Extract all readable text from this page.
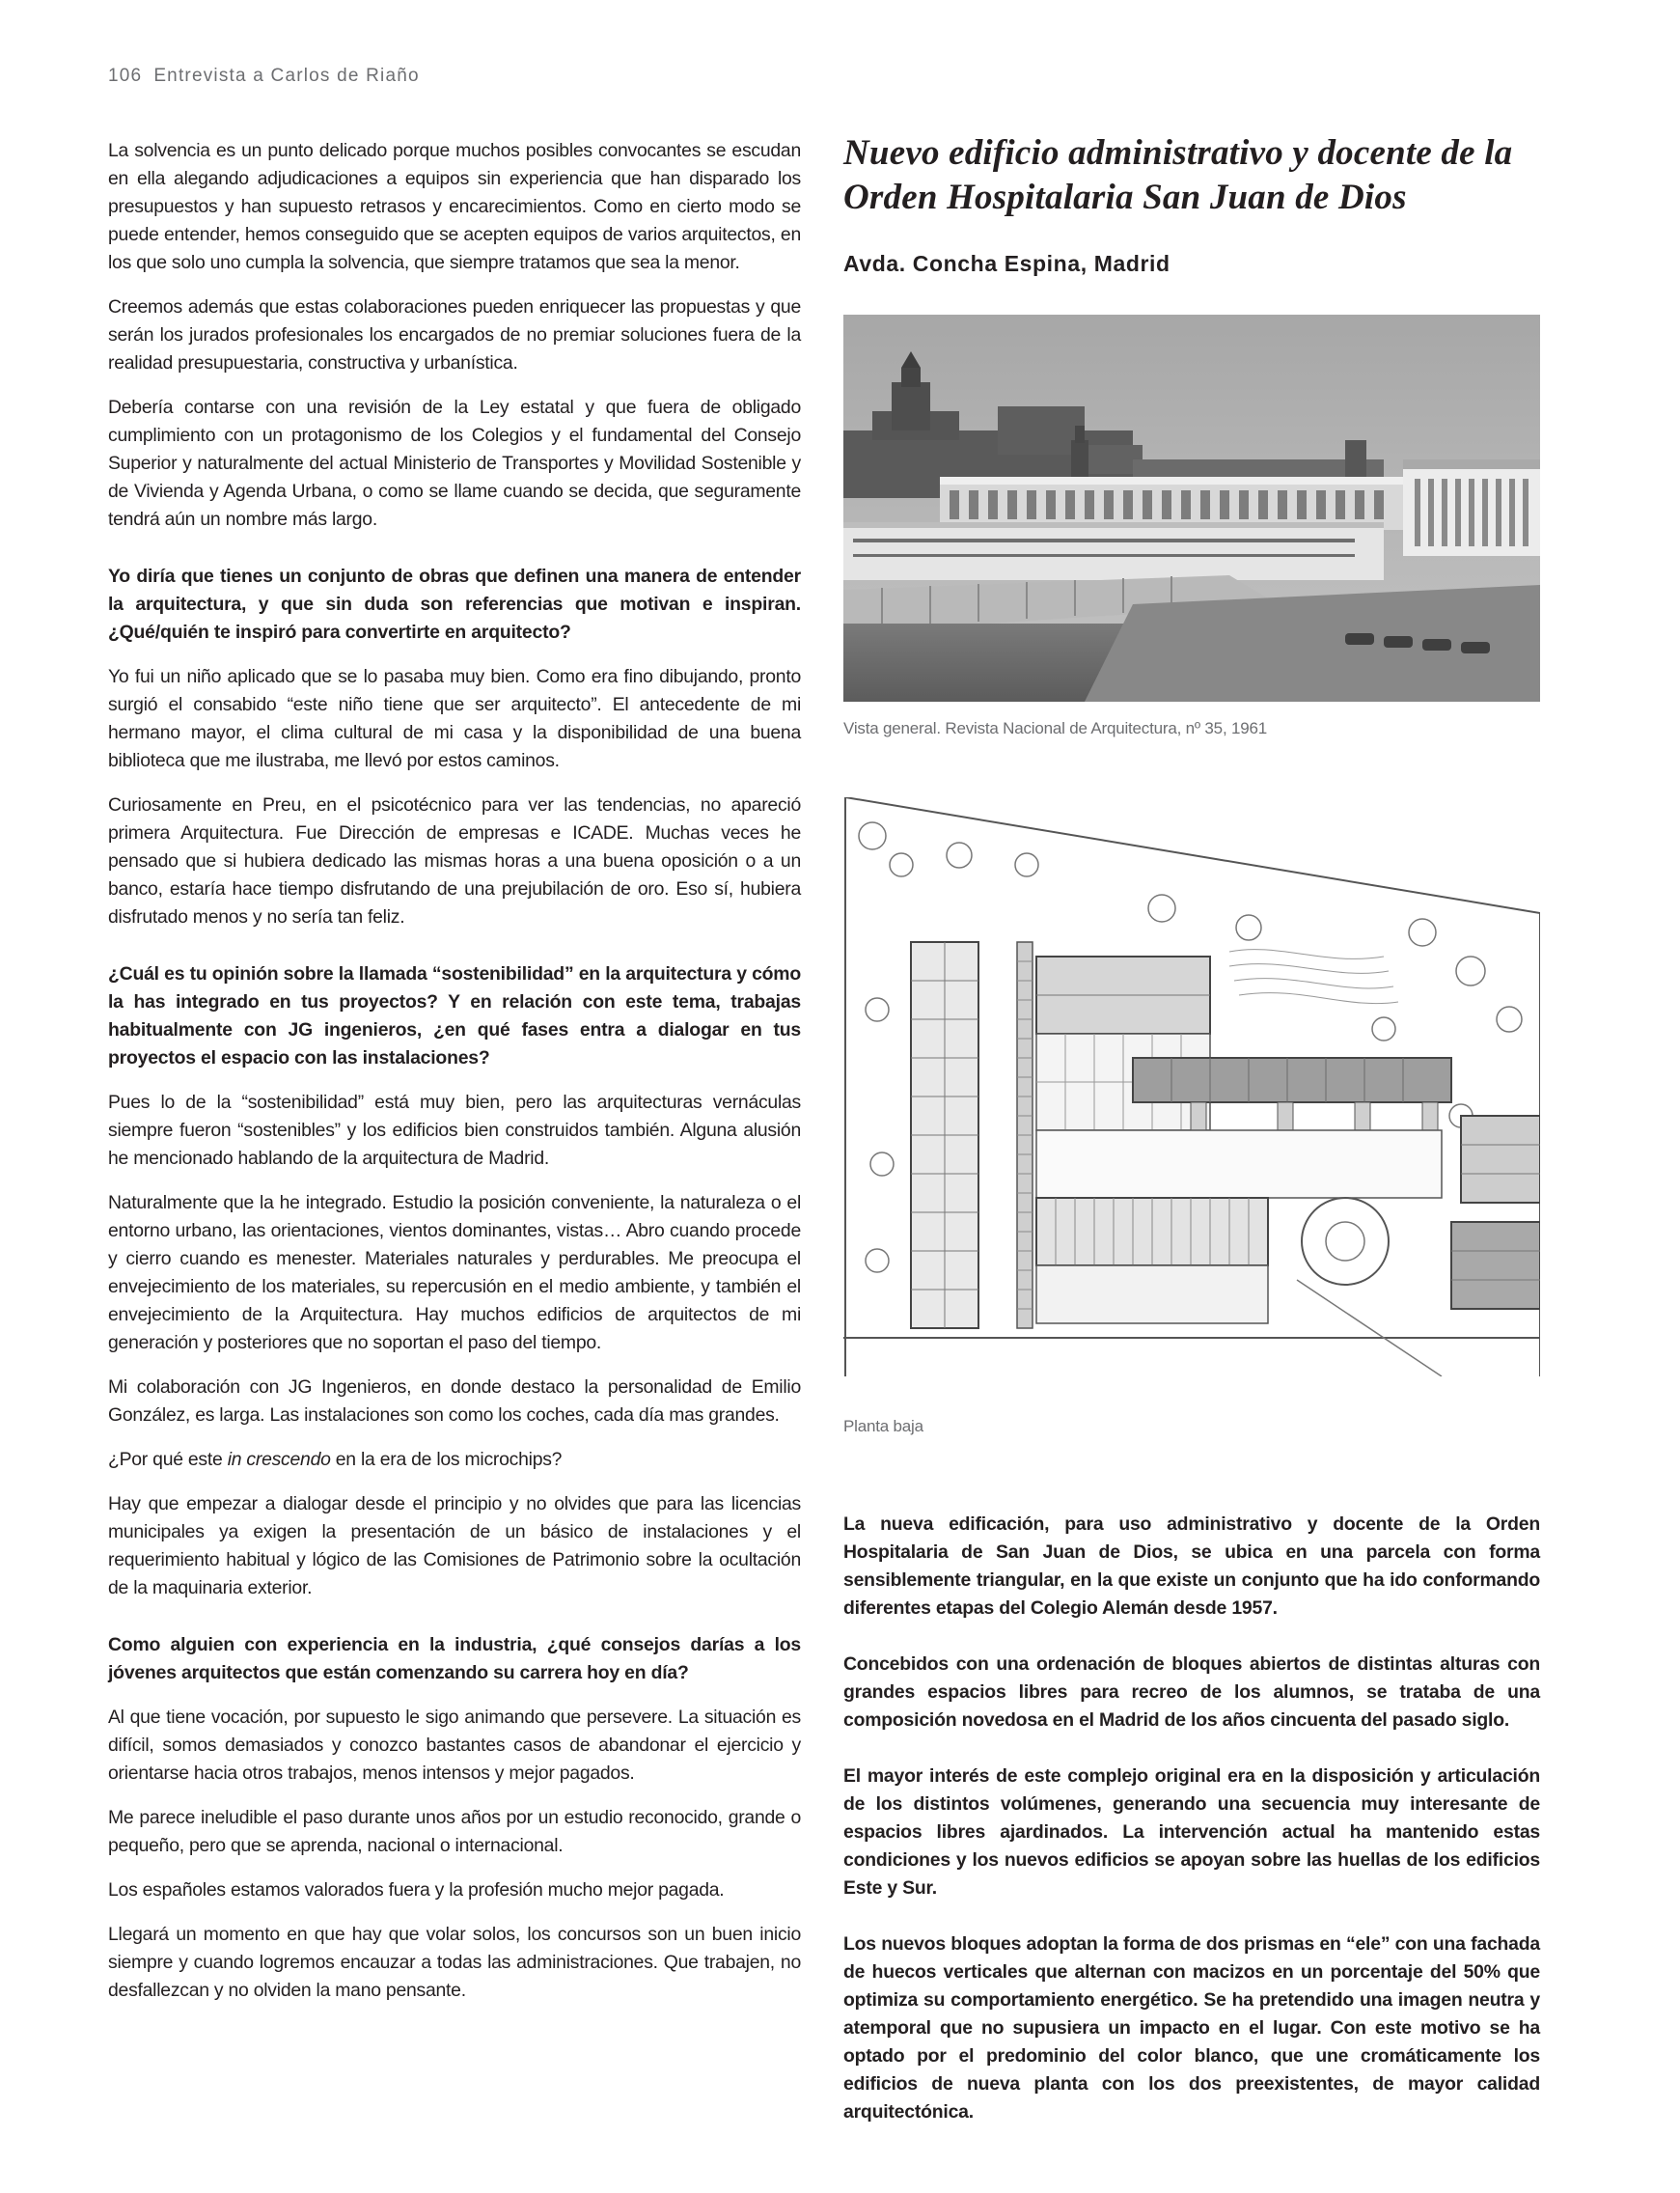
106 Entrevista a Carlos de Riaño

La solvencia es un punto delicado porque muchos posibles convocantes se escudan en ella alegando adjudicaciones a equipos sin experiencia que han disparado los presupuestos y han supuesto retrasos y encarecimientos. Como en cierto modo se puede entender, hemos conseguido que se acepten equipos de varios arquitectos, en los que solo uno cumpla la solvencia, que siempre tratamos que sea la menor.

Creemos además que estas colaboraciones pueden enriquecer las propuestas y que serán los jurados profesionales los encargados de no premiar soluciones fuera de la realidad presupuestaria, constructiva y urbanística.

Debería contarse con una revisión de la Ley estatal y que fuera de obligado cumplimiento con un protagonismo de los Colegios y el fundamental del Consejo Superior y naturalmente del actual Ministerio de Transportes y Movilidad Sostenible y de Vivienda y Agenda Urbana, o como se llame cuando se decida, que seguramente tendrá aún un nombre más largo.

Yo diría que tienes un conjunto de obras que definen una manera de entender la arquitectura, y que sin duda son referencias que motivan e inspiran. ¿Qué/quién te inspiró para convertirte en arquitecto?

Yo fui un niño aplicado que se lo pasaba muy bien. Como era fino dibujando, pronto surgió el consabido “este niño tiene que ser arquitecto”. El antecedente de mi hermano mayor, el clima cultural de mi casa y la disponibilidad de una buena biblioteca que me ilustraba, me llevó por estos caminos.

Curiosamente en Preu, en el psicotécnico para ver las tendencias, no apareció primera Arquitectura. Fue Dirección de empresas e ICADE. Muchas veces he pensado que si hubiera dedicado las mismas horas a una buena oposición o a un banco, estaría hace tiempo disfrutando de una prejubilación de oro. Eso sí, hubiera disfrutado menos y no sería tan feliz.

¿Cuál es tu opinión sobre la llamada “sostenibilidad” en la arquitectura y cómo la has integrado en tus proyectos? Y en relación con este tema, trabajas habitualmente con JG ingenieros, ¿en qué fases entra a dialogar en tus proyectos el espacio con las instalaciones?

Pues lo de la “sostenibilidad” está muy bien, pero las arquitecturas vernáculas siempre fueron “sostenibles” y los edificios bien construidos también. Alguna alusión he mencionado hablando de la arquitectura de Madrid.

Naturalmente que la he integrado. Estudio la posición conveniente, la naturaleza o el entorno urbano, las orientaciones, vientos dominantes, vistas… Abro cuando procede y cierro cuando es menester. Materiales naturales y perdurables. Me preocupa el envejecimiento de los materiales, su repercusión en el medio ambiente, y también el envejecimiento de la Arquitectura. Hay muchos edificios de arquitectos de mi generación y posteriores que no soportan el paso del tiempo.

Mi colaboración con JG Ingenieros, en donde destaco la personalidad de Emilio González, es larga. Las instalaciones son como los coches, cada día mas grandes.

¿Por qué este in crescendo en la era de los microchips?

Hay que empezar a dialogar desde el principio y no olvides que para las licencias municipales ya exigen la presentación de un básico de instalaciones y el requerimiento habitual y lógico de las Comisiones de Patrimonio sobre la ocultación de la maquinaria exterior.

Como alguien con experiencia en la industria, ¿qué consejos darías a los jóvenes arquitectos que están comenzando su carrera hoy en día?

Al que tiene vocación, por supuesto le sigo animando que persevere. La situación es difícil, somos demasiados y conozco bastantes casos de abandonar el ejercicio y orientarse hacia otros trabajos, menos intensos y mejor pagados.

Me parece ineludible el paso durante unos años por un estudio reconocido, grande o pequeño, pero que se aprenda, nacional o internacional.

Los españoles estamos valorados fuera y la profesión mucho mejor pagada.

Llegará un momento en que hay que volar solos, los concursos son un buen inicio siempre y cuando logremos encauzar a todas las administraciones. Que trabajen, no desfallezcan y no olviden la mano pensante.

Nuevo edificio administrativo y docente de la Orden Hospitalaria San Juan de Dios
Avda. Concha Espina, Madrid
Vista general. Revista Nacional de Arquitectura, nº 35, 1961
Planta baja

La nueva edificación, para uso administrativo y docente de la Orden Hospitalaria de San Juan de Dios, se ubica en una parcela con forma sensiblemente triangular, en la que existe un conjunto que ha ido conformando diferentes etapas del Colegio Alemán desde 1957.

Concebidos con una ordenación de bloques abiertos de distintas alturas con grandes espacios libres para recreo de los alumnos, se trataba de una composición novedosa en el Madrid de los años cincuenta del pasado siglo.

El mayor interés de este complejo original era en la disposición y articulación de los distintos volúmenes, generando una secuencia muy interesante de espacios libres ajardinados. La intervención actual ha mantenido estas condiciones y los nuevos edificios se apoyan sobre las huellas de los edificios Este y Sur.

Los nuevos bloques adoptan la forma de dos prismas en “ele” con una fachada de huecos verticales que alternan con macizos en un porcentaje del 50% que optimiza su comportamiento energético. Se ha pretendido una imagen neutra y atemporal que no supusiera un impacto en el lugar. Con este motivo se ha optado por el predominio del color blanco, que une cromáticamente los edificios de nueva planta con los dos preexistentes, de mayor calidad arquitectónica.
